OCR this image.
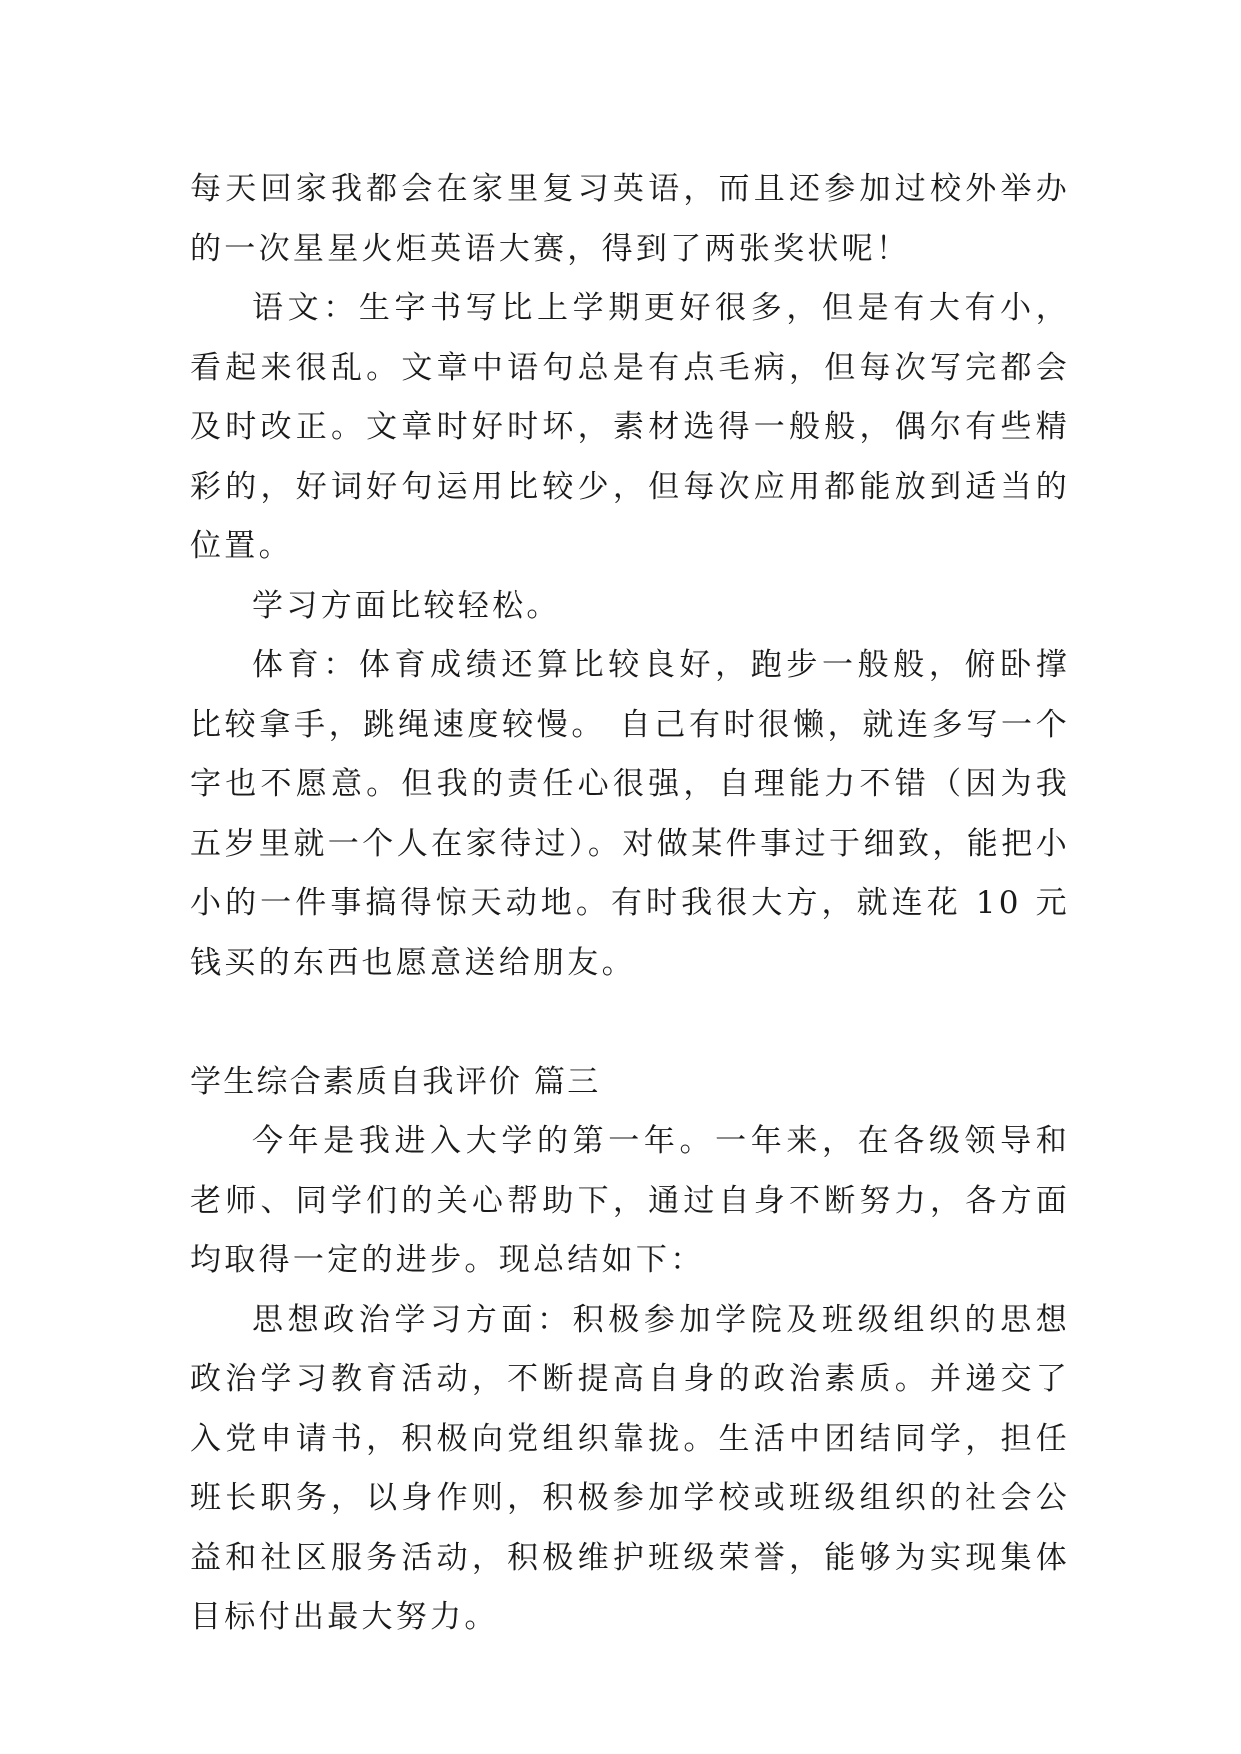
每天回家我都会在家里复习英语，而且还参加过校外举办的一次星星火炬英语大赛，得到了两张奖状呢！

语文：生字书写比上学期更好很多，但是有大有小，看起来很乱。文章中语句总是有点毛病，但每次写完都会及时改正。文章时好时坏，素材选得一般般，偶尔有些精彩的，好词好句运用比较少，但每次应用都能放到适当的位置。

学习方面比较轻松。

体育：体育成绩还算比较良好，跑步一般般，俯卧撑比较拿手，跳绳速度较慢。 自己有时很懒，就连多写一个字也不愿意。但我的责任心很强，自理能力不错（因为我五岁里就一个人在家待过）。对做某件事过于细致，能把小小的一件事搞得惊天动地。有时我很大方，就连花 10 元钱买的东西也愿意送给朋友。

学生综合素质自我评价 篇三

今年是我进入大学的第一年。一年来，在各级领导和老师、同学们的关心帮助下，通过自身不断努力，各方面均取得一定的进步。现总结如下：

思想政治学习方面：积极参加学院及班级组织的思想政治学习教育活动，不断提高自身的政治素质。并递交了入党申请书，积极向党组织靠拢。生活中团结同学，担任班长职务，以身作则，积极参加学校或班级组织的社会公益和社区服务活动，积极维护班级荣誉，能够为实现集体目标付出最大努力。
